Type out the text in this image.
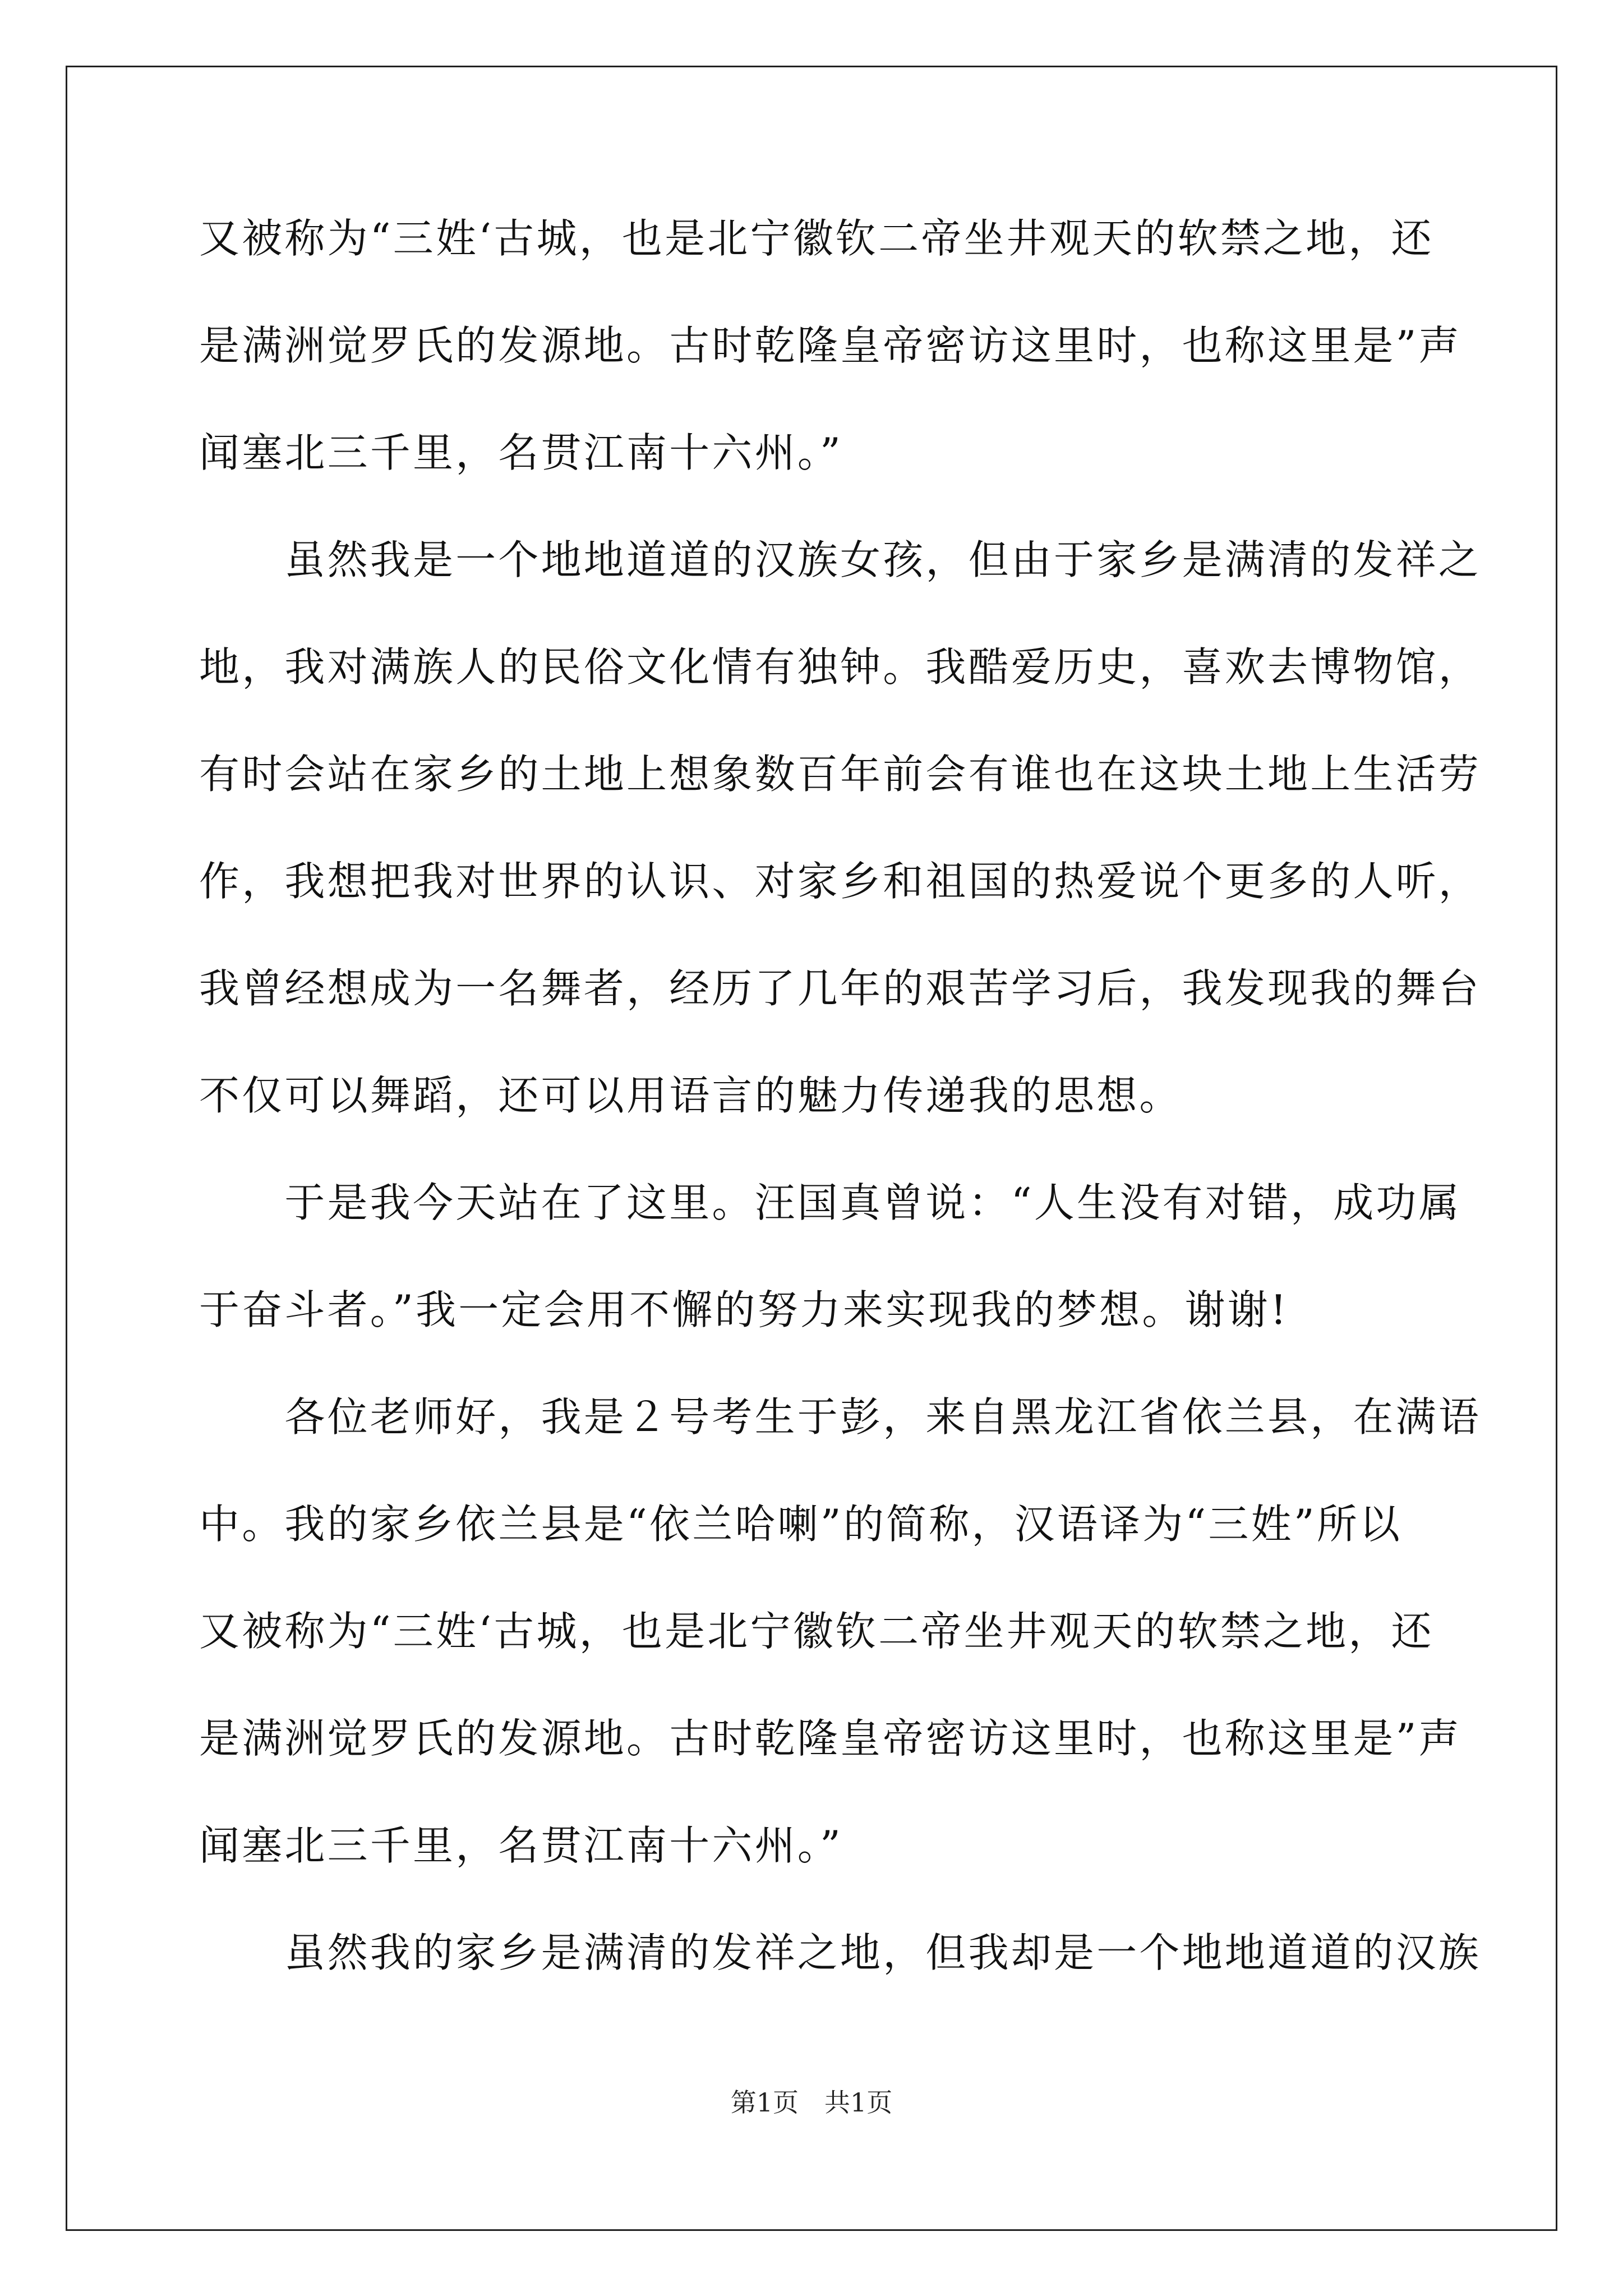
又被称为“三姓‘古城，也是北宁徽钦二帝坐井观天的软禁之地，还
是满洲觉罗氏的发源地。古时乾隆皇帝密访这里时，也称这里是”声
闻塞北三千里，名贯江南十六州。”
　　虽然我是一个地地道道的汉族女孩，但由于家乡是满清的发祥之
地，我对满族人的民俗文化情有独钟。我酷爱历史，喜欢去博物馆，
有时会站在家乡的土地上想象数百年前会有谁也在这块土地上生活劳
作，我想把我对世界的认识、对家乡和祖国的热爱说个更多的人听，
我曾经想成为一名舞者，经历了几年的艰苦学习后，我发现我的舞台
不仅可以舞蹈，还可以用语言的魅力传递我的思想。
　　于是我今天站在了这里。汪国真曾说：“人生没有对错，成功属
于奋斗者。”我一定会用不懈的努力来实现我的梦想。谢谢!
　　各位老师好，我是２号考生于彭，来自黑龙江省依兰县，在满语
中。我的家乡依兰县是“依兰哈喇”的简称，汉语译为“三姓”所以
又被称为“三姓‘古城，也是北宁徽钦二帝坐井观天的软禁之地，还
是满洲觉罗氏的发源地。古时乾隆皇帝密访这里时，也称这里是”声
闻塞北三千里，名贯江南十六州。”
　　虽然我的家乡是满清的发祥之地，但我却是一个地地道道的汉族
第1页　共1页
